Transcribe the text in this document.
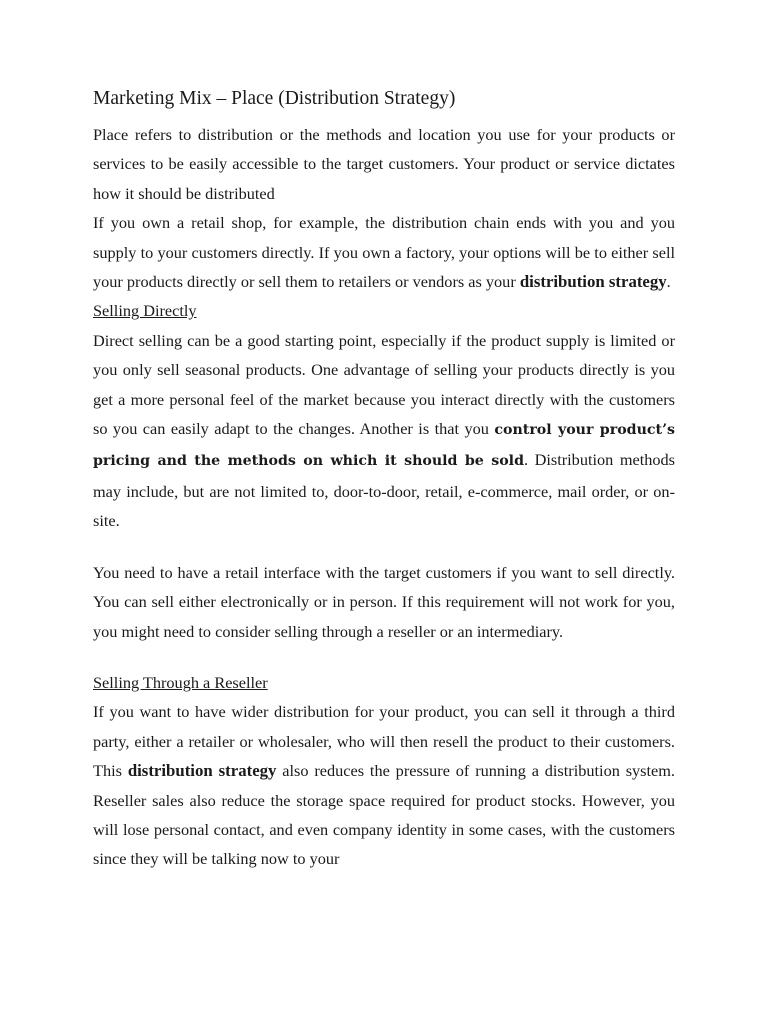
Marketing Mix – Place (Distribution Strategy)

Place refers to distribution or the methods and location you use for your products or services to be easily accessible to the target customers. Your product or service dictates how it should be distributed

If you own a retail shop, for example, the distribution chain ends with you and you supply to your customers directly. If you own a factory, your options will be to either sell your products directly or sell them to retailers or vendors as your distribution strategy.

Selling Directly

Direct selling can be a good starting point, especially if the product supply is limited or you only sell seasonal products. One advantage of selling your products directly is you get a more personal feel of the market because you interact directly with the customers so you can easily adapt to the changes. Another is that you control your product’s pricing and the methods on which it should be sold. Distribution methods may include, but are not limited to, door-to-door, retail, e-commerce, mail order, or on-site.

You need to have a retail interface with the target customers if you want to sell directly. You can sell either electronically or in person. If this requirement will not work for you, you might need to consider selling through a reseller or an intermediary.

Selling Through a Reseller

If you want to have wider distribution for your product, you can sell it through a third party, either a retailer or wholesaler, who will then resell the product to their customers. This distribution strategy also reduces the pressure of running a distribution system. Reseller sales also reduce the storage space required for product stocks. However, you will lose personal contact, and even company identity in some cases, with the customers since they will be talking now to your
